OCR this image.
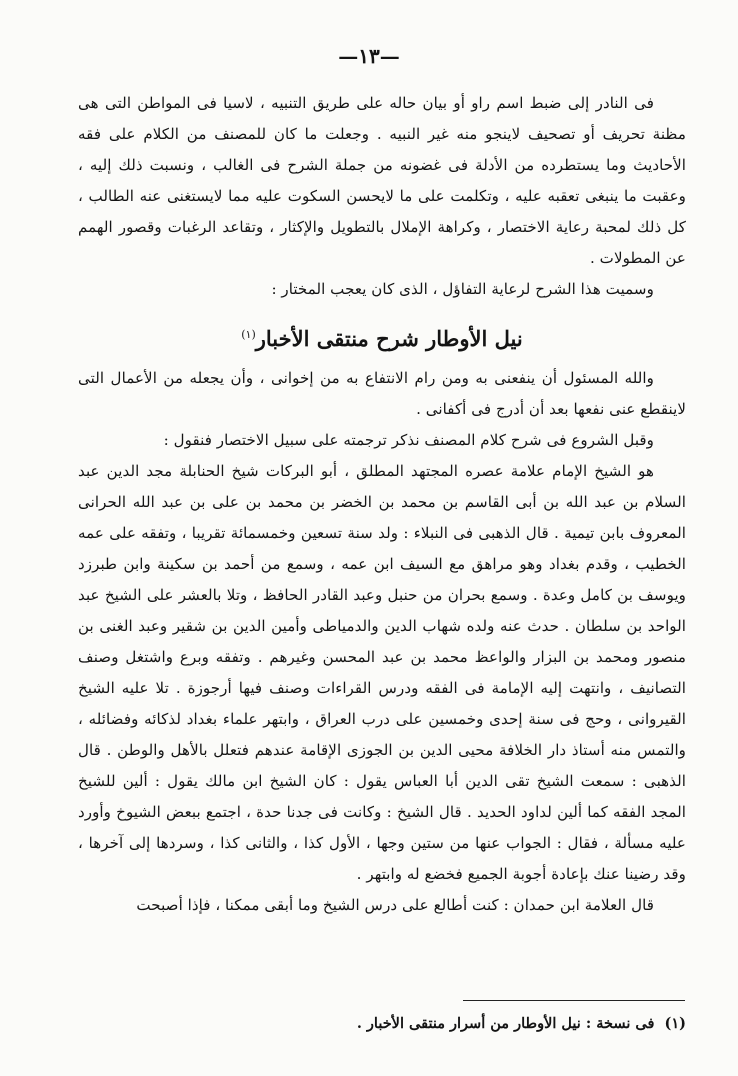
—١٣—

فى النادر إلى ضبط اسم راو أو بيان حاله على طريق التنبيه ، لاسيا فى المواطن التى هى مظنة تحريف أو تصحيف لاينجو منه غير النبيه . وجعلت ما كان للمصنف من الكلام على فقه الأحاديث وما يستطرده من الأدلة فى غضونه من جملة الشرح فى الغالب ، ونسبت ذلك إليه ، وعقبت ما ينبغى تعقبه عليه ، وتكلمت على ما لايحسن السكوت عليه مما لايستغنى عنه الطالب ، كل ذلك لمحبة رعاية الاختصار ، وكراهة الإملال بالتطويل والإكثار ، وتقاعد الرغبات وقصور الهمم عن المطولات .

وسميت هذا الشرح لرعاية التفاؤل ، الذى كان يعجب المختار :

نيل الأوطار شرح منتقى الأخبار$^{(١)}$

والله المسئول أن ينفعنى به ومن رام الانتفاع به من إخوانى ، وأن يجعله من الأعمال التى لاينقطع عنى نفعها بعد أن أدرج فى أكفانى .

وقبل الشروع فى شرح كلام المصنف نذكر ترجمته على سبيل الاختصار فنقول :

هو الشيخ الإمام علامة عصره المجتهد المطلق ، أبو البركات شيخ الحنابلة مجد الدين عبد السلام بن عبد الله بن أبى القاسم بن محمد بن الخضر بن محمد بن على بن عبد الله الحرانى المعروف بابن تيمية . قال الذهبى فى النبلاء : ولد سنة تسعين وخمسمائة تقريبا ، وتفقه على عمه الخطيب ، وقدم بغداد وهو مراهق مع السيف ابن عمه ، وسمع من أحمد بن سكينة وابن طبرزد ويوسف بن كامل وعدة . وسمع بحران من حنبل وعبد القادر الحافظ ، وتلا بالعشر على الشيخ عبد الواحد بن سلطان . حدث عنه ولده شهاب الدين والدمياطى وأمين الدين بن شقير وعبد الغنى بن منصور ومحمد بن البزار والواعظ محمد بن عبد المحسن وغيرهم . وتفقه وبرع واشتغل وصنف التصانيف ، وانتهت إليه الإمامة فى الفقه ودرس القراءات وصنف فيها أرجوزة . تلا عليه الشيخ القيروانى ، وحج فى سنة إحدى وخمسين على درب العراق ، وابتهر علماء بغداد لذكائه وفضائله ، والتمس منه أستاذ دار الخلافة محيى الدين بن الجوزى الإقامة عندهم فتعلل بالأهل والوطن . قال الذهبى : سمعت الشيخ تقى الدين أبا العباس يقول : كان الشيخ ابن مالك يقول : ألين للشيخ المجد الفقه كما ألين لداود الحديد . قال الشيخ : وكانت فى جدنا حدة ، اجتمع ببعض الشيوخ وأورد عليه مسألة ، فقال : الجواب عنها من ستين وجها ، الأول كذا ، والثانى كذا ، وسردها إلى آخرها ، وقد رضينا عنك بإعادة أجوبة الجميع فخضع له وابتهر .

قال العلامة ابن حمدان : كنت أطالع على درس الشيخ وما أبقى ممكنا ، فإذا أصبحت

(١)فى نسخة : نيل الأوطار من أسرار منتقى الأخبار .
